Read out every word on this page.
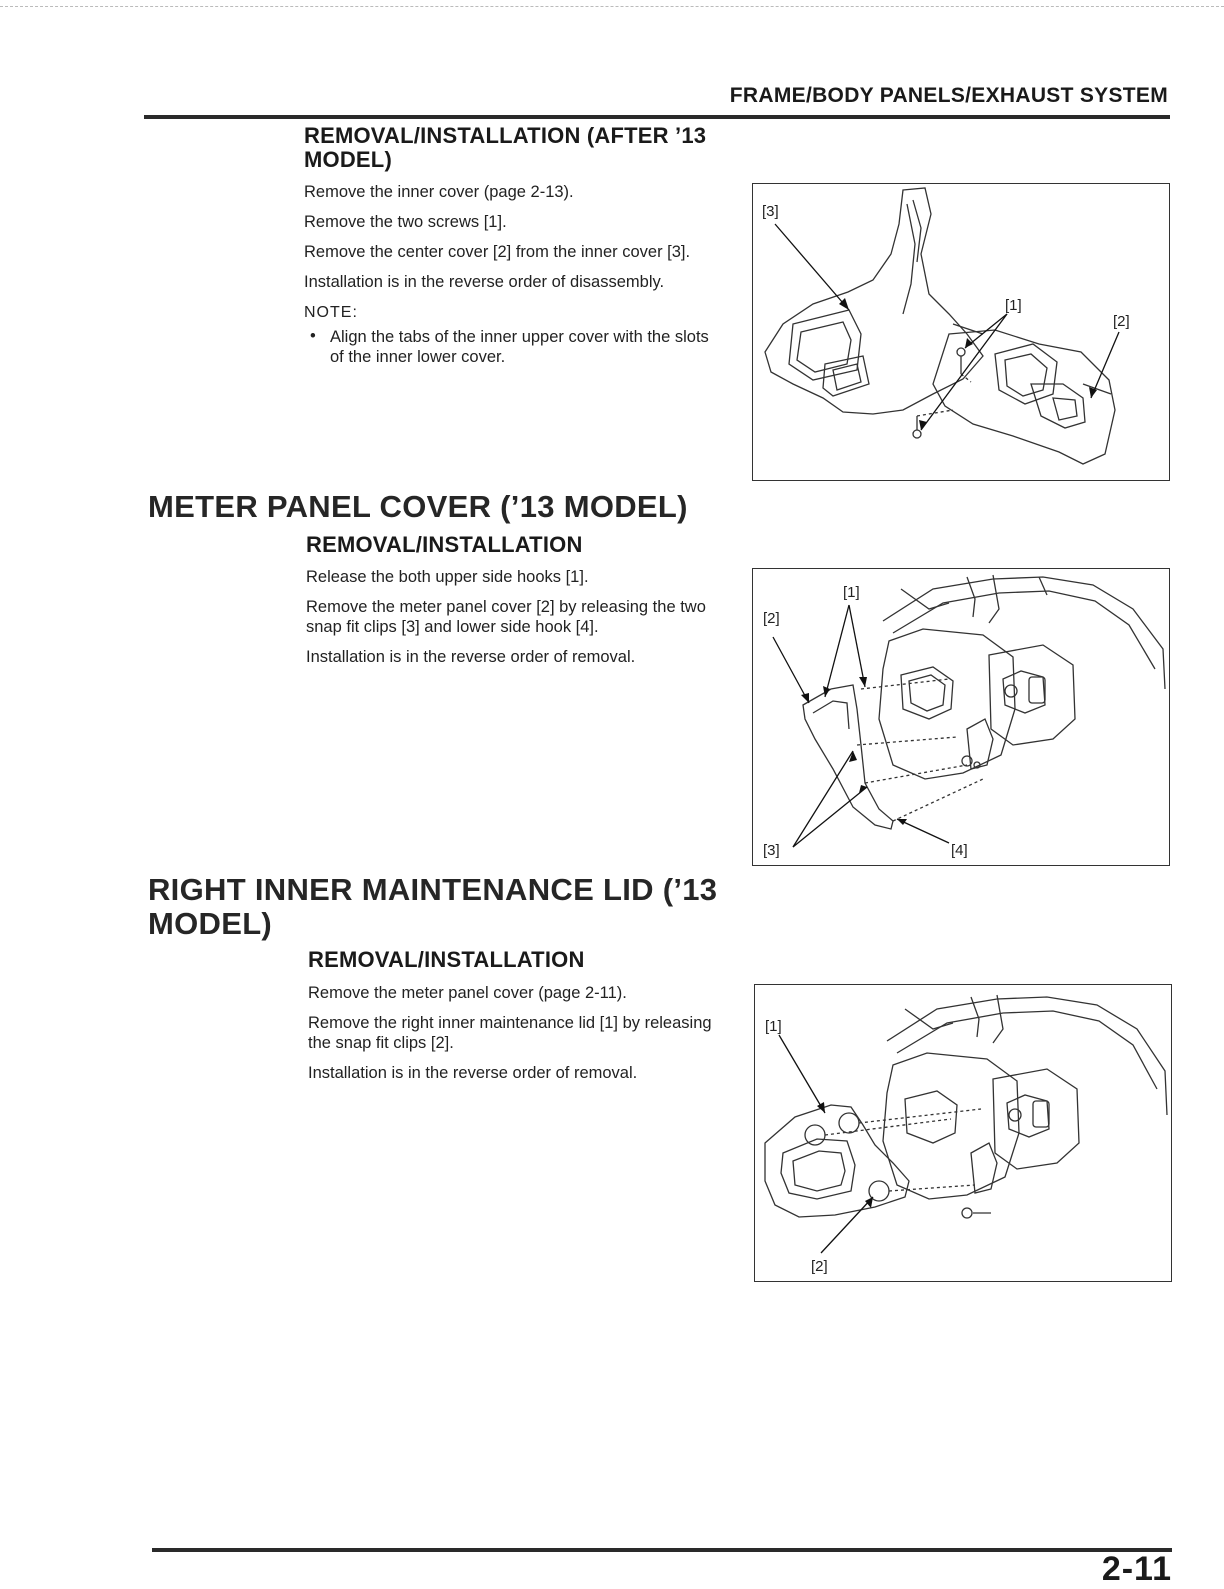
FRAME/BODY PANELS/EXHAUST SYSTEM
REMOVAL/INSTALLATION (AFTER ’13
MODEL)
Remove the inner cover (page 2-13).
Remove the two screws [1].
Remove the center cover [2] from the inner cover [3].
Installation is in the reverse order of disassembly.
NOTE:
• Align the tabs of the inner upper cover with the slots
of the inner lower cover.
[3]
[1]
[2]
METER PANEL COVER (’13 MODEL)
REMOVAL/INSTALLATION
Release the both upper side hooks [1].
Remove the meter panel cover [2] by releasing the two
snap fit clips [3] and lower side hook [4].
Installation is in the reverse order of removal.
[1]
[2]
[3]	[4]
RIGHT INNER MAINTENANCE LID (’13
MODEL)
REMOVAL/INSTALLATION
Remove the meter panel cover (page 2-11).
Remove the right inner maintenance lid [1] by releasing
the snap fit clips [2].
Installation is in the reverse order of removal.
[1]
[2]
2-11
